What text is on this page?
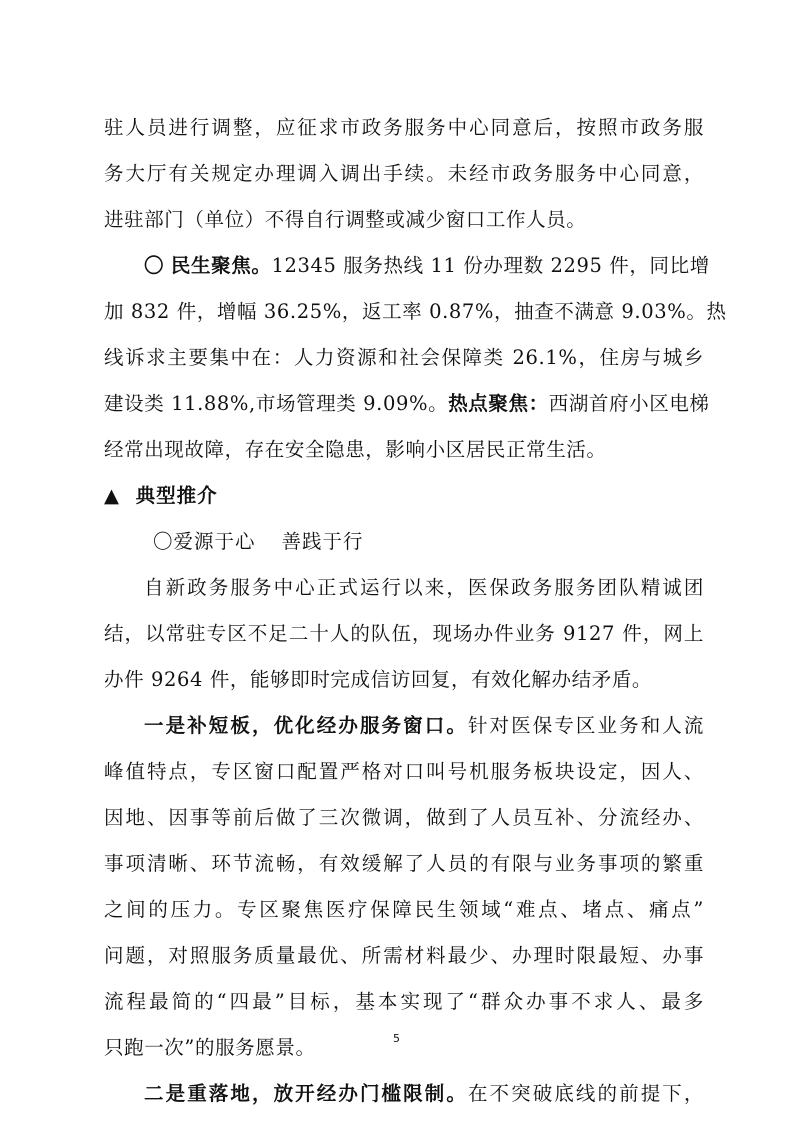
驻人员进行调整，应征求市政务服务中心同意后，按照市政务服
务大厅有关规定办理调入调出手续。未经市政务服务中心同意，
进驻部门（单位）不得自行调整或减少窗口工作人员。
〇 民生聚焦。12345 服务热线 11 份办理数 2295 件，同比增
加 832 件，增幅 36.25%，返工率 0.87%，抽查不满意 9.03%。热
线诉求主要集中在：人力资源和社会保障类 26.1%，住房与城乡
建设类 11.88%,市场管理类 9.09%。热点聚焦：西湖首府小区电梯
经常出现故障，存在安全隐患，影响小区居民正常生活。
▲ 典型推介
〇爱源于心 善践于行
自新政务服务中心正式运行以来，医保政务服务团队精诚团
结，以常驻专区不足二十人的队伍，现场办件业务 9127 件，网上
办件 9264 件，能够即时完成信访回复，有效化解办结矛盾。
一是补短板，优化经办服务窗口。针对医保专区业务和人流
峰值特点，专区窗口配置严格对口叫号机服务板块设定，因人、
因地、因事等前后做了三次微调，做到了人员互补、分流经办、
事项清晰、环节流畅，有效缓解了人员的有限与业务事项的繁重
之间的压力。专区聚焦医疗保障民生领域“难点、堵点、痛点”
问题，对照服务质量最优、所需材料最少、办理时限最短、办事
流程最简的“四最”目标，基本实现了“群众办事不求人、最多
只跑一次”的服务愿景。
二是重落地，放开经办门槛限制。在不突破底线的前提下，
5
